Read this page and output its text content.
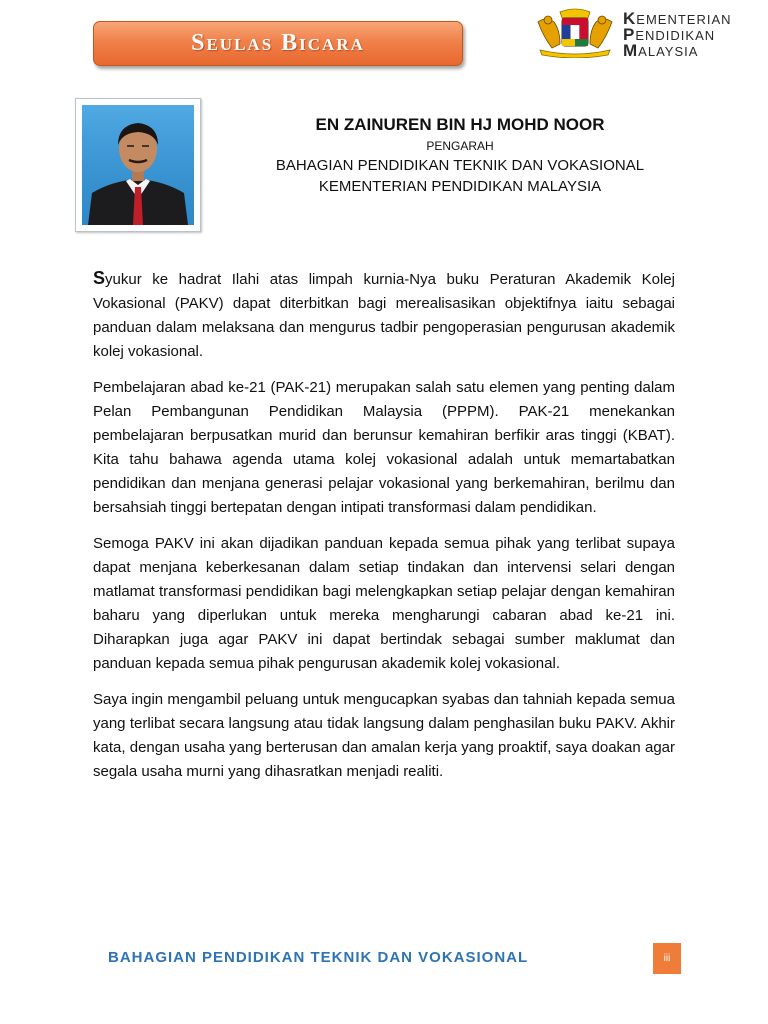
Seulas Bicara
KEMENTERIAN
PENDIDIKAN
MALAYSIA
EN ZAINUREN BIN HJ MOHD NOOR
PENGARAH
BAHAGIAN PENDIDIKAN TEKNIK DAN VOKASIONAL
KEMENTERIAN PENDIDIKAN MALAYSIA

Syukur ke hadrat Ilahi atas limpah kurnia-Nya buku Peraturan Akademik Kolej Vokasional (PAKV) dapat diterbitkan bagi merealisasikan objektifnya iaitu sebagai panduan dalam melaksana dan mengurus tadbir pengoperasian pengurusan akademik kolej vokasional.

Pembelajaran abad ke-21 (PAK-21) merupakan salah satu elemen yang penting dalam Pelan Pembangunan Pendidikan Malaysia (PPPM). PAK-21 menekankan pembelajaran berpusatkan murid dan berunsur kemahiran berfikir aras tinggi (KBAT). Kita tahu bahawa agenda utama kolej vokasional adalah untuk memartabatkan pendidikan dan menjana generasi pelajar vokasional yang berkemahiran, berilmu dan bersahsiah tinggi bertepatan dengan intipati transformasi dalam pendidikan.

Semoga PAKV ini akan dijadikan panduan kepada semua pihak yang terlibat supaya dapat menjana keberkesanan dalam setiap tindakan dan intervensi selari dengan matlamat transformasi pendidikan bagi melengkapkan setiap pelajar dengan kemahiran baharu yang diperlukan untuk mereka mengharungi cabaran abad ke-21 ini. Diharapkan juga agar PAKV ini dapat bertindak sebagai sumber maklumat dan panduan kepada semua pihak pengurusan akademik kolej vokasional.

Saya ingin mengambil peluang untuk mengucapkan syabas dan tahniah kepada semua yang terlibat secara langsung atau tidak langsung dalam penghasilan buku PAKV. Akhir kata, dengan usaha yang berterusan dan amalan kerja yang proaktif, saya doakan agar segala usaha murni yang dihasratkan menjadi realiti.

BAHAGIAN PENDIDIKAN TEKNIK DAN VOKASIONAL	iii
